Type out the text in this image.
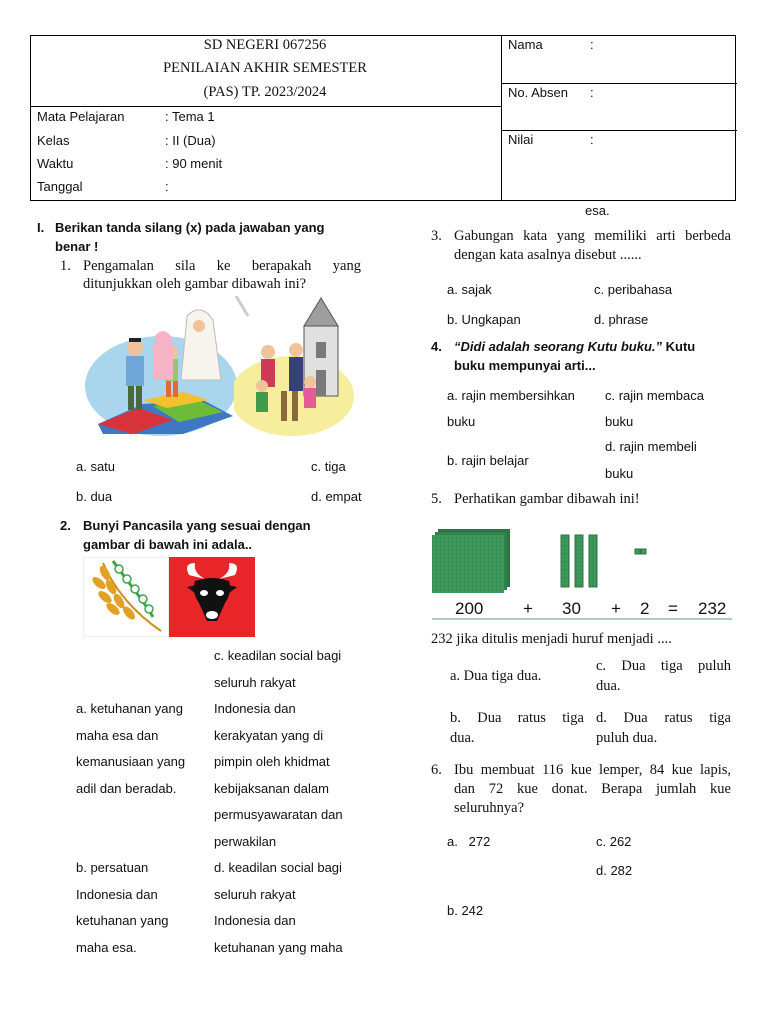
SD NEGERI 067256
PENILAIAN AKHIR SEMESTER
(PAS) TP. 2023/2024
Mata Pelajaran	: Tema 1
Kelas	: II (Dua)
Waktu	: 90 menit
Tanggal	:
Nama	:
No. Absen :
Nilai	:
I. Berikan tanda silang (x) pada jawaban yang
benar !
1. Pengamalan sila ke berapakah yang
ditunjukkan oleh gambar dibawah ini?
a. satu	c. tiga
b. dua	d. empat
2. Bunyi Pancasila yang sesuai dengan
gambar di bawah ini adala..
c. keadilan social bagi
seluruh rakyat
Indonesia dan
kerakyatan yang di
pimpin oleh khidmat
kebijaksanan dalam
permusyawaratan dan
perwakilan
a. ketuhanan yang
maha esa dan
kemanusiaan yang
adil dan beradab.
b. persatuan
Indonesia dan
ketuhanan yang
maha esa.
d. keadilan social bagi
seluruh rakyat
Indonesia dan
ketuhanan yang maha
esa.
3. Gabungan kata yang memiliki arti berbeda
dengan kata asalnya disebut ......
a. sajak	c. peribahasa
b. Ungkapan	d. phrase
4. “Didi adalah seorang Kutu buku.” Kutu
buku mempunyai arti...
a. rajin membersihkan
buku
c. rajin membaca
buku
b. rajin belajar
d. rajin membeli
buku
5. Perhatikan gambar dibawah ini!
200 + 30 + 2 = 232
232 jika ditulis menjadi huruf menjadi ....
a. Dua tiga dua.
c. Dua tiga puluh
dua.
b. Dua ratus tiga
dua.
d. Dua ratus tiga
puluh dua.
6. Ibu membuat 116 kue lemper, 84 kue lapis,
dan  72  kue  donat.  Berapa  jumlah  kue
seluruhnya?
a.   272	c. 262
d. 282
b. 242
